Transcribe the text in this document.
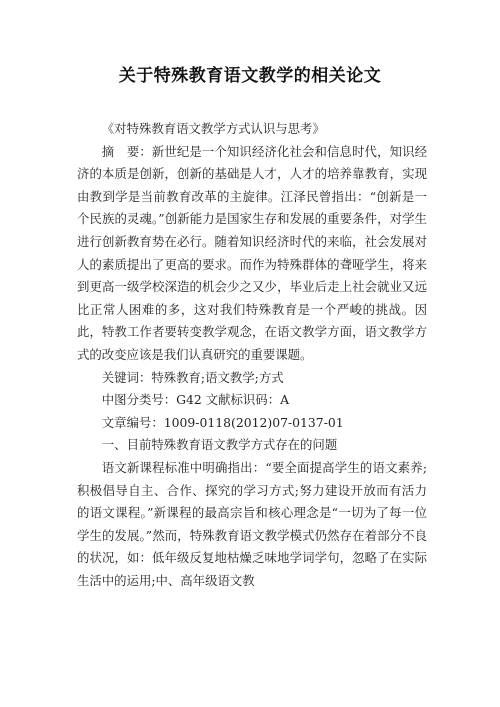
关于特殊教育语文教学的相关论文

《对特殊教育语文教学方式认识与思考》

摘　要：新世纪是一个知识经济化社会和信息时代，知识经济的本质是创新，创新的基础是人才，人才的培养靠教育，实现由教到学是当前教育改革的主旋律。江泽民曾指出：“创新是一个民族的灵魂。”创新能力是国家生存和发展的重要条件，对学生进行创新教育势在必行。随着知识经济时代的来临，社会发展对人的素质提出了更高的要求。而作为特殊群体的聋哑学生，将来到更高一级学校深造的机会少之又少，毕业后走上社会就业又远比正常人困难的多，这对我们特殊教育是一个严峻的挑战。因此，特教工作者要转变教学观念，在语文教学方面，语文教学方式的改变应该是我们认真研究的重要课题。

关键词：特殊教育;语文教学;方式

中图分类号：G42 文献标识码：A

文章编号：1009-0118(2012)07-0137-01

一、目前特殊教育语文教学方式存在的问题

语文新课程标准中明确指出：“要全面提高学生的语文素养;积极倡导自主、合作、探究的学习方式;努力建设开放而有活力的语文课程。”新课程的最高宗旨和核心理念是“一切为了每一位学生的发展。”然而，特殊教育语文教学模式仍然存在着部分不良的状况，如：低年级反复地枯燥乏味地学词学句，忽略了在实际生活中的运用;中、高年级语文教
